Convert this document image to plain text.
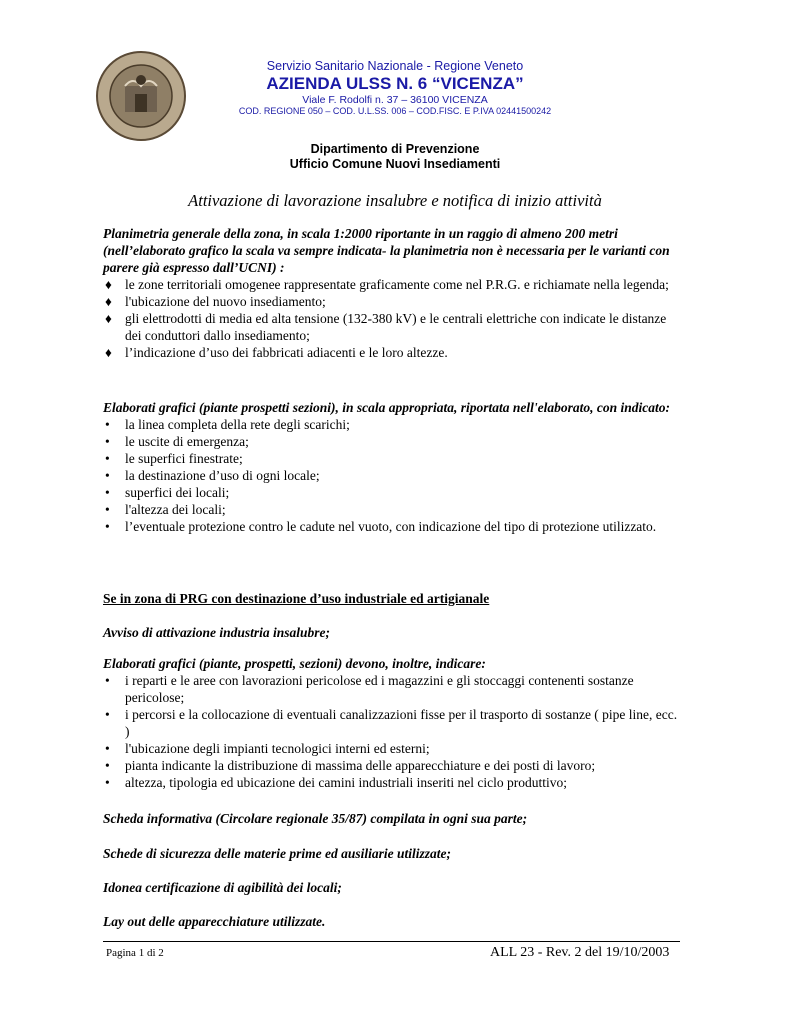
Servizio Sanitario Nazionale - Regione Veneto
AZIENDA ULSS N. 6 “VICENZA”
Viale F. Rodolfi n. 37 – 36100 VICENZA
COD. REGIONE 050 – COD. U.L.SS. 006 – COD.FISC. E P.IVA 02441500242
Dipartimento di Prevenzione
Ufficio Comune Nuovi Insediamenti
Attivazione di lavorazione insalubre e notifica di inizio attività
Planimetria generale della zona, in scala 1:2000 riportante in un raggio di almeno 200 metri (nell’elaborato grafico la scala va sempre indicata- la planimetria non è necessaria per le varianti con parere già espresso dall’UCNI) :
♦ le zone territoriali omogenee rappresentate graficamente come nel P.R.G. e richiamate nella legenda;
♦ l'ubicazione del nuovo insediamento;
♦ gli elettrodotti di media ed alta tensione (132-380 kV) e le centrali elettriche con indicate le distanze dei conduttori dallo insediamento;
♦ l’indicazione d’uso dei fabbricati adiacenti e le loro altezze.
Elaborati grafici (piante prospetti sezioni), in scala appropriata, riportata nell'elaborato, con indicato:
• la linea completa della rete degli scarichi;
• le uscite di emergenza;
• le superfici finestrate;
• la destinazione d’uso di ogni locale;
• superfici dei locali;
• l'altezza dei locali;
• l’eventuale protezione contro le cadute nel vuoto, con indicazione del tipo di protezione utilizzato.
Se in zona di PRG con destinazione d’uso industriale ed artigianale
Avviso di attivazione industria insalubre;
Elaborati grafici (piante, prospetti, sezioni) devono, inoltre, indicare:
• i reparti e le aree con lavorazioni pericolose ed i magazzini e gli stoccaggi contenenti sostanze pericolose;
• i percorsi e la collocazione di eventuali canalizzazioni fisse per il trasporto di sostanze ( pipe line, ecc. )
• l'ubicazione degli impianti tecnologici interni ed esterni;
• pianta indicante la distribuzione di massima delle apparecchiature e dei posti di lavoro;
• altezza, tipologia ed ubicazione dei camini industriali inseriti nel ciclo produttivo;
Scheda informativa (Circolare regionale 35/87) compilata in ogni sua parte;
Schede di sicurezza delle materie prime ed ausiliarie utilizzate;
Idonea certificazione di agibilità dei locali;
Lay out delle apparecchiature utilizzate.
Pagina 1 di 2	ALL 23 - Rev. 2 del 19/10/2003
